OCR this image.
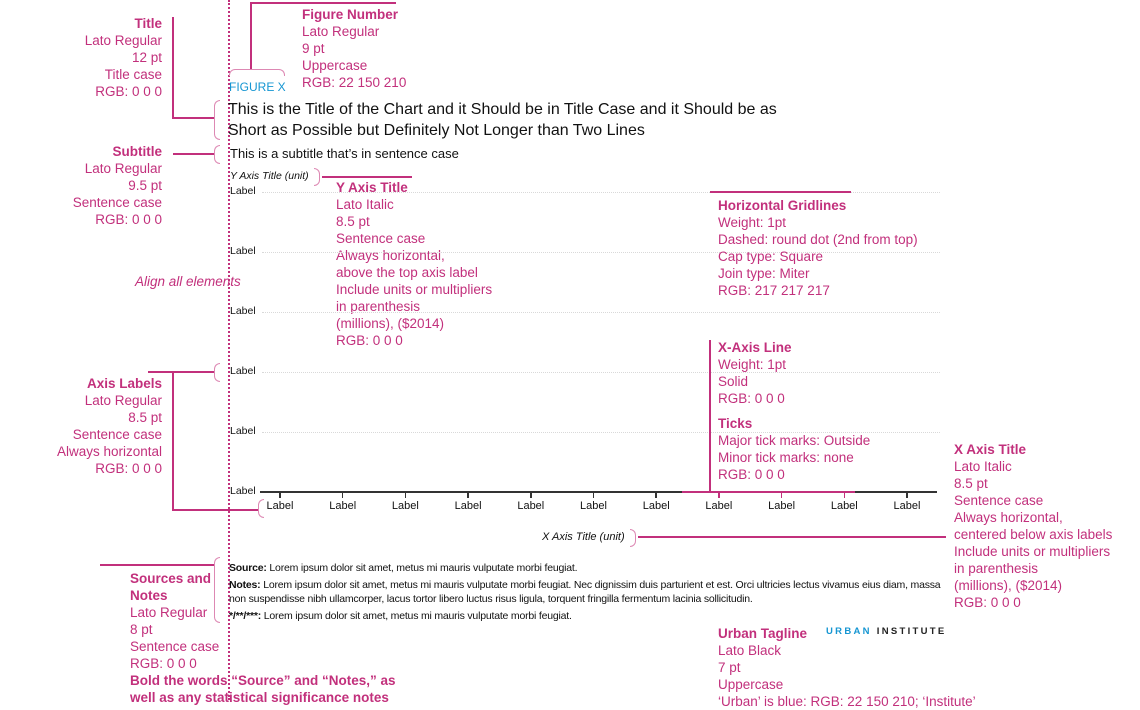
Title
Lato Regular
12 pt
Title case
RGB: 0 0 0
Figure Number
Lato Regular
9 pt
Uppercase
RGB: 22 150 210
FIGURE X
This is the Title of the Chart and it Should be in Title Case and it Should be as
Short as Possible but Definitely Not Longer than Two Lines
This is a subtitle that’s in sentence case
Subtitle
Lato Regular
9.5 pt
Sentence case
RGB: 0 0 0
Y Axis Title (unit)
Y Axis Title
Lato Italic
8.5 pt
Sentence case
Always horizontal,
above the top axis label
Include units or multipliers
in parenthesis
(millions), ($2014)
RGB: 0 0 0
Label
Label
Label
Label
Label
Label
Horizontal Gridlines
Weight: 1pt
Dashed: round dot (2nd from top)
Cap type: Square
Join type: Miter
RGB: 217 217 217
Align all elements
X-Axis Line
Weight: 1pt
Solid
RGB: 0 0 0
Ticks
Major tick marks: Outside
Minor tick marks: none
RGB: 0 0 0
Axis Labels
Lato Regular
8.5 pt
Sentence case
Always horizontal
RGB: 0 0 0
Label	Label	Label	Label	Label	Label	Label	Label	Label	Label	Label
X Axis Title (unit)
X Axis Title
Lato Italic
8.5 pt
Sentence case
Always horizontal,
centered below axis labels
Include units or multipliers
in parenthesis
(millions), ($2014)
RGB: 0 0 0
Source: Lorem ipsum dolor sit amet, metus mi mauris vulputate morbi feugiat.
Notes: Lorem ipsum dolor sit amet, metus mi mauris vulputate morbi feugiat. Nec dignissim duis parturient et est. Orci ultricies lectus vivamus eius diam, massa non suspendisse nibh ullamcorper, lacus tortor libero luctus risus ligula, torquent fringilla fermentum lacinia sollicitudin.
*/**/***: Lorem ipsum dolor sit amet, metus mi mauris vulputate morbi feugiat.
Sources and Notes
Lato Regular
8 pt
Sentence case
RGB: 0 0 0
Bold the words “Source” and “Notes,” as
well as any statistical significance notes
Urban Tagline
Lato Black
7 pt
Uppercase
‘Urban’ is blue: RGB: 22 150 210; ‘Institute’
URBAN INSTITUTE
